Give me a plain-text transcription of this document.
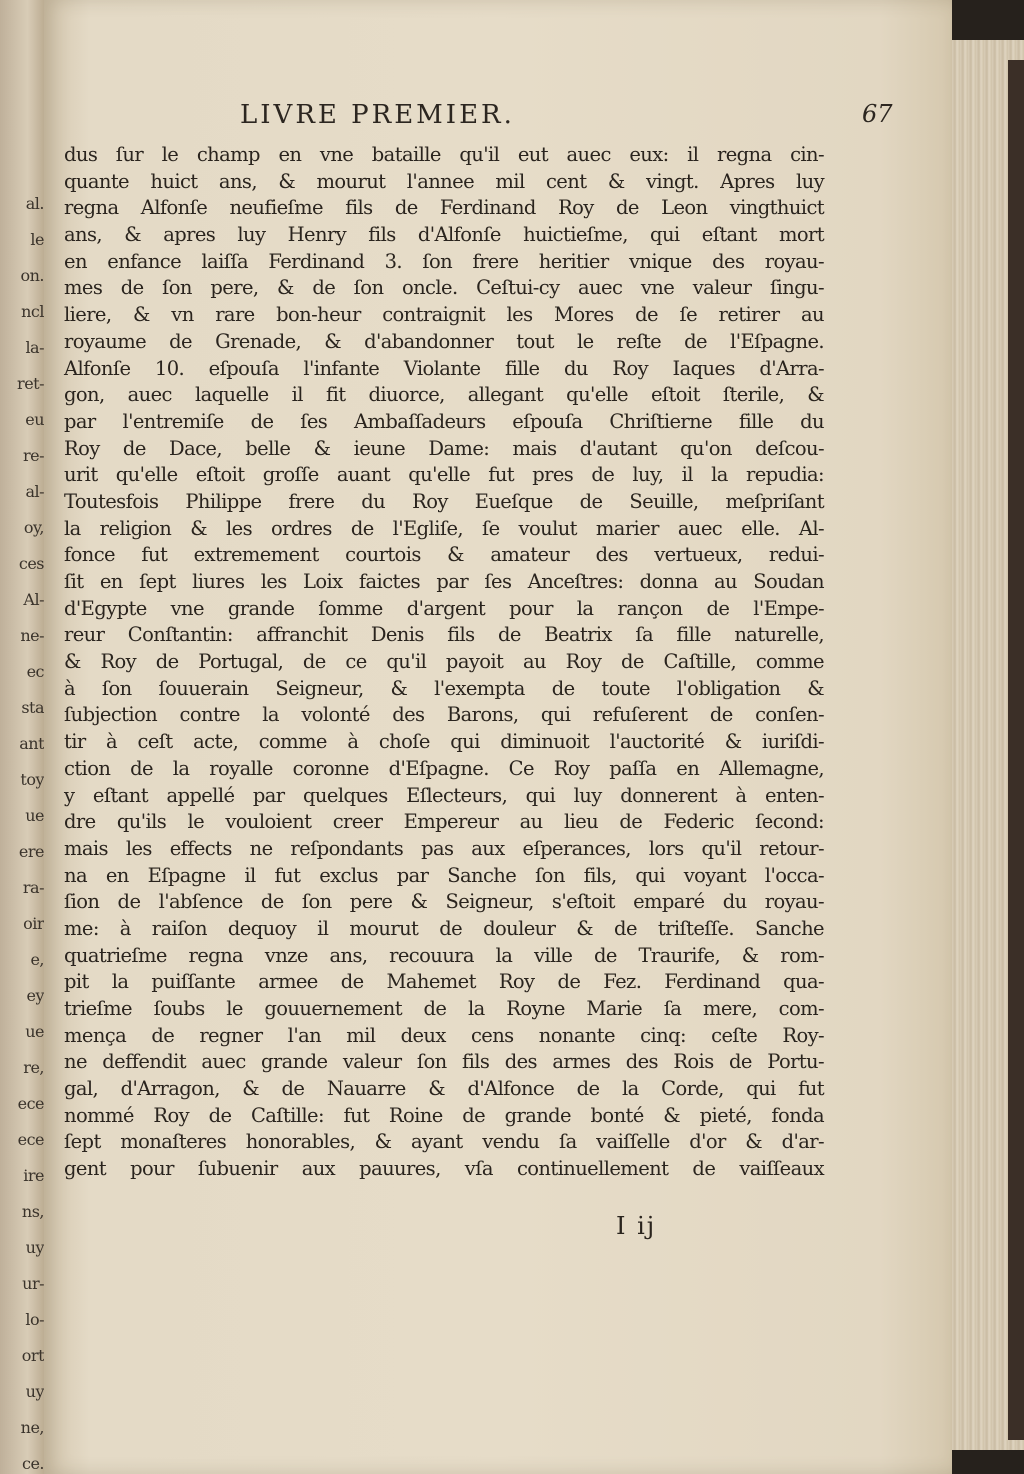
al.
le
on.
ncl
la-
ret-
eu
re-
al-
oy,
ces
Al-
ne-
ec
sta
ant
toy
ue
ere
ra-
oir
e,
ey
ue
re,
ece
ece
ire
ns,
uy
ur-
lo-
ort
uy
ne,
ce.
LIVRE PREMIER.	67
dus ſur le champ en vne bataille qu'il eut auec eux: il regna cin-
quante huict ans, & mourut l'annee mil cent & vingt. Apres luy
regna Alfonſe neufieſme fils de Ferdinand Roy de Leon vingthuict
ans, & apres luy Henry fils d'Alfonſe huictieſme, qui eſtant mort
en enfance laiſſa Ferdinand 3. ſon frere heritier vnique des royau-
mes de ſon pere, & de ſon oncle. Ceſtui-cy auec vne valeur ſingu-
liere, & vn rare bon-heur contraignit les Mores de ſe retirer au
royaume de Grenade, & d'abandonner tout le reſte de l'Eſpagne.
Alfonſe 10. eſpouſa l'infante Violante fille du Roy Iaques d'Arra-
gon, auec laquelle il fit diuorce, allegant qu'elle eſtoit ſterile, &
par l'entremiſe de ſes Ambaſſadeurs eſpouſa Chriſtierne fille du
Roy de Dace, belle & ieune Dame: mais d'autant qu'on deſcou-
urit qu'elle eſtoit groſſe auant qu'elle fut pres de luy, il la repudia:
Toutesfois Philippe frere du Roy Eueſque de Seuille, meſpriſant
la religion & les ordres de l'Egliſe, ſe voulut marier auec elle. Al-
fonce fut extremement courtois & amateur des vertueux, redui-
ſit en ſept liures les Loix faictes par ſes Anceſtres: donna au Soudan
d'Egypte vne grande ſomme d'argent pour la rançon de l'Empe-
reur Conſtantin: affranchit Denis fils de Beatrix ſa fille naturelle,
& Roy de Portugal, de ce qu'il payoit au Roy de Caſtille, comme
à ſon ſouuerain Seigneur, & l'exempta de toute l'obligation &
ſubjection contre la volonté des Barons, qui refuſerent de conſen-
tir à ceſt acte, comme à choſe qui diminuoit l'auctorité & iuriſdi-
ction de la royalle coronne d'Eſpagne. Ce Roy paſſa en Allemagne,
y eſtant appellé par quelques Eſlecteurs, qui luy donnerent à enten-
dre qu'ils le vouloient creer Empereur au lieu de Federic ſecond:
mais les effects ne reſpondants pas aux eſperances, lors qu'il retour-
na en Eſpagne il fut exclus par Sanche ſon fils, qui voyant l'occa-
ſion de l'abſence de ſon pere & Seigneur, s'eſtoit emparé du royau-
me: à raiſon dequoy il mourut de douleur & de triſteſſe. Sanche
quatrieſme regna vnze ans, recouura la ville de Traurife, & rom-
pit la puiſſante armee de Mahemet Roy de Fez. Ferdinand qua-
trieſme ſoubs le gouuernement de la Royne Marie ſa mere, com-
mença de regner l'an mil deux cens nonante cinq: ceſte Roy-
ne deffendit auec grande valeur ſon fils des armes des Rois de Portu-
gal, d'Arragon, & de Nauarre & d'Alfonce de la Corde, qui fut
nommé Roy de Caſtille: fut Roine de grande bonté & pieté, fonda
ſept monaſteres honorables, & ayant vendu ſa vaiſſelle d'or & d'ar-
gent pour ſubuenir aux pauures, vſa continuellement de vaiſſeaux
I ij
